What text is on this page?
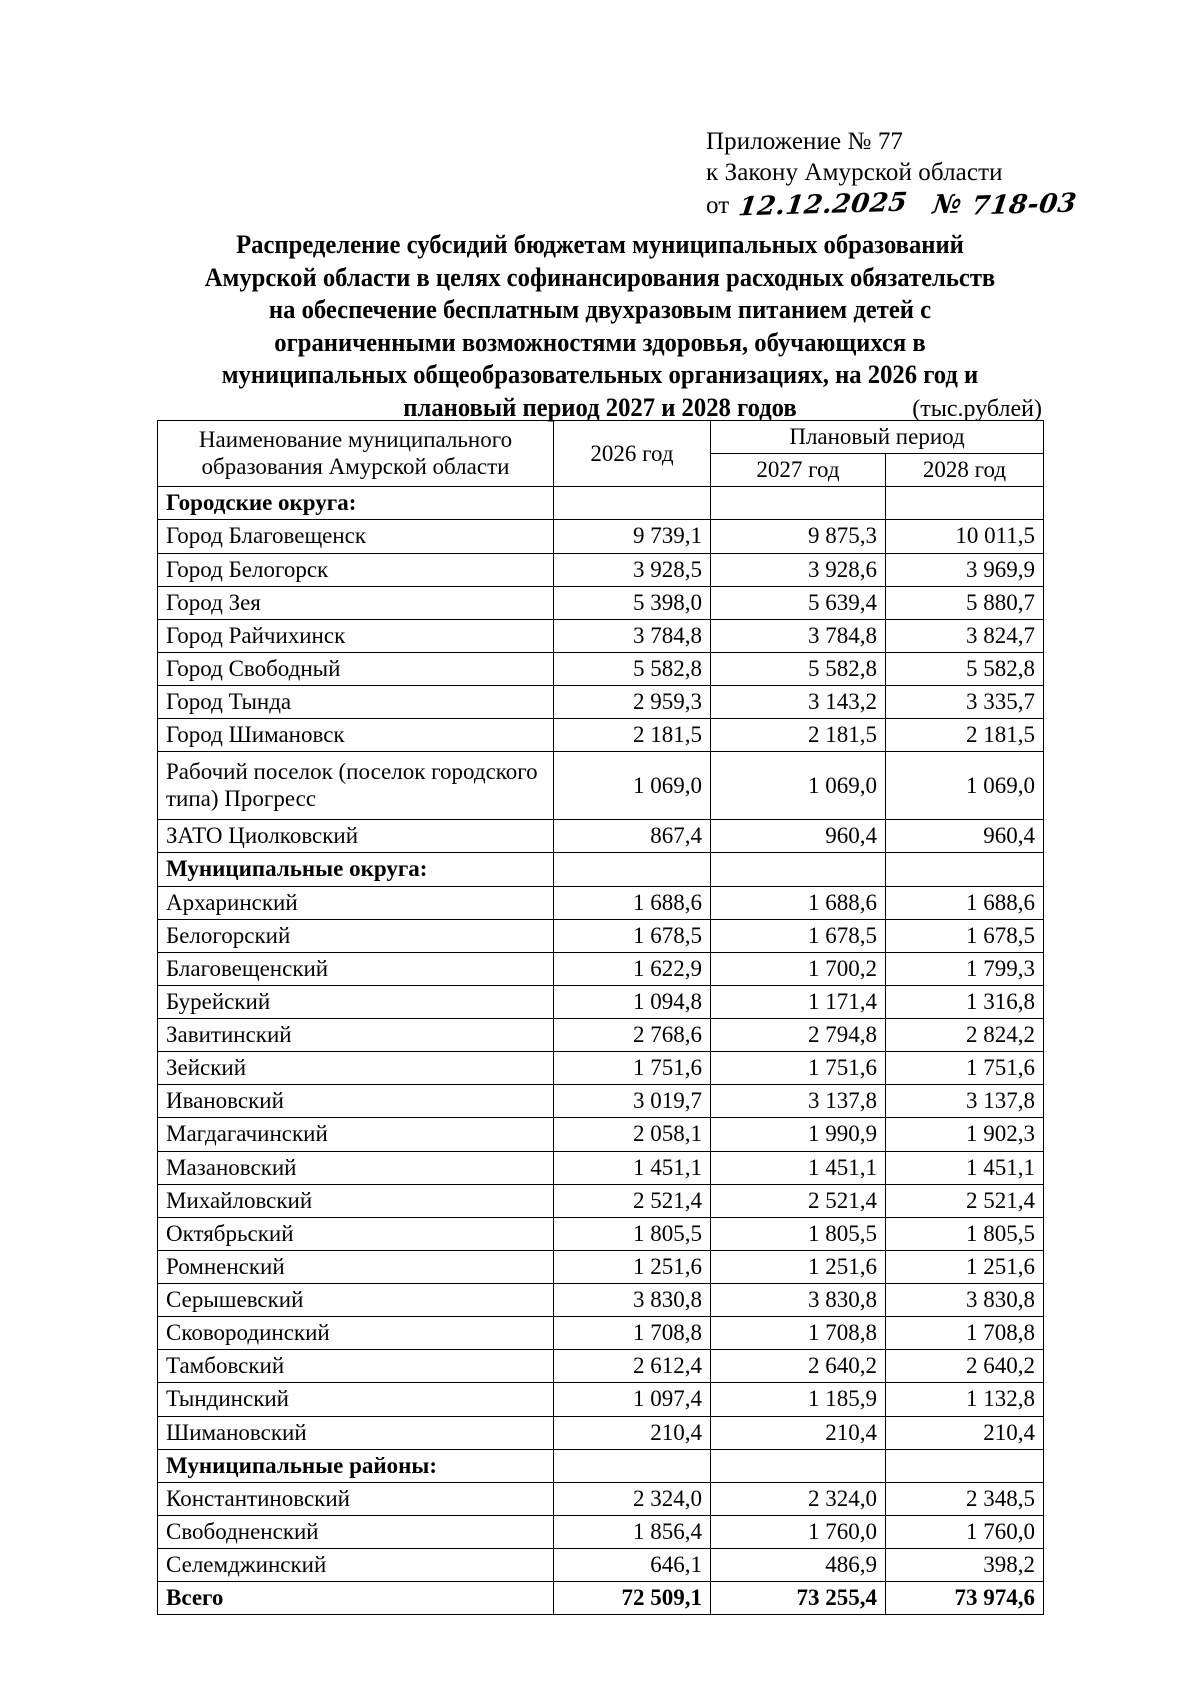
Приложение № 77
к Закону Амурской области
от 12.12.2025 № 718-03
Распределение субсидий бюджетам муниципальных образований
Амурской области в целях софинансирования расходных обязательств
на обеспечение бесплатным двухразовым питанием детей с
ограниченными возможностями здоровья, обучающихся в
муниципальных общеобразовательных организациях, на 2026 год и
плановый период 2027 и 2028 годов	(тыс.рублей)
Наименование муниципального
образования Амурской области	2026 год	Плановый период	
		2027 год	2028 год
Городские округа:			
Город Благовещенск	9 739,1	9 875,3	10 011,5
Город Белогорск	3 928,5	3 928,6	3 969,9
Город Зея	5 398,0	5 639,4	5 880,7
Город Райчихинск	3 784,8	3 784,8	3 824,7
Город Свободный	5 582,8	5 582,8	5 582,8
Город Тында	2 959,3	3 143,2	3 335,7
Город Шимановск	2 181,5	2 181,5	2 181,5
Рабочий поселок (поселок городского типа) Прогресс	1 069,0	1 069,0	1 069,0
ЗАТО Циолковский	867,4	960,4	960,4
Муниципальные округа:			
Архаринский	1 688,6	1 688,6	1 688,6
Белогорский	1 678,5	1 678,5	1 678,5
Благовещенский	1 622,9	1 700,2	1 799,3
Бурейский	1 094,8	1 171,4	1 316,8
Завитинский	2 768,6	2 794,8	2 824,2
Зейский	1 751,6	1 751,6	1 751,6
Ивановский	3 019,7	3 137,8	3 137,8
Магдагачинский	2 058,1	1 990,9	1 902,3
Мазановский	1 451,1	1 451,1	1 451,1
Михайловский	2 521,4	2 521,4	2 521,4
Октябрьский	1 805,5	1 805,5	1 805,5
Ромненский	1 251,6	1 251,6	1 251,6
Серышевский	3 830,8	3 830,8	3 830,8
Сковородинский	1 708,8	1 708,8	1 708,8
Тамбовский	2 612,4	2 640,2	2 640,2
Тындинский	1 097,4	1 185,9	1 132,8
Шимановский	210,4	210,4	210,4
Муниципальные районы:			
Константиновский	2 324,0	2 324,0	2 348,5
Свободненский	1 856,4	1 760,0	1 760,0
Селемджинский	646,1	486,9	398,2
Всего	72 509,1	73 255,4	73 974,6
